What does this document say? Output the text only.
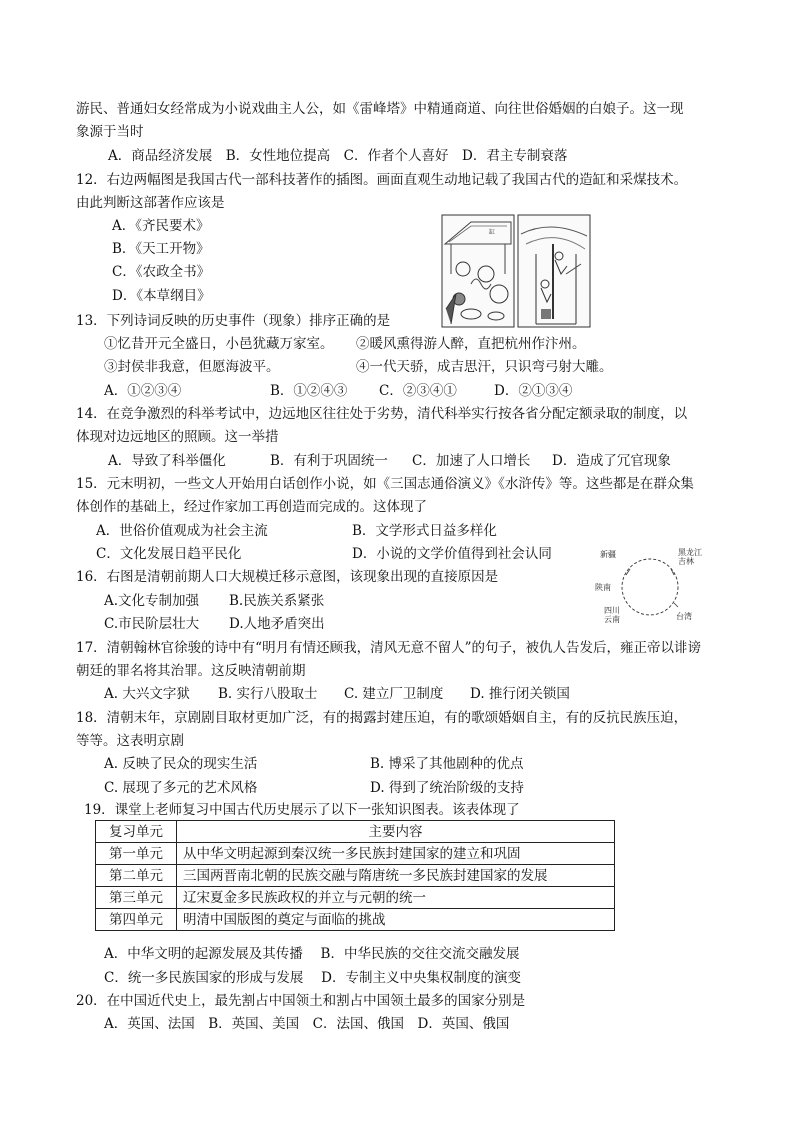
游民、普通妇女经常成为小说戏曲主人公，如《雷峰塔》中精通商道、向往世俗婚姻的白娘子。这一现
象源于当时
A．商品经济发展　B．女性地位提高　C．作者个人喜好　D．君主专制衰落
12．右边两幅图是我国古代一部科技著作的插图。画面直观生动地记载了我国古代的造缸和采煤技术。
由此判断这部著作应该是
A．《齐民要术》
B．《天工开物》
C．《农政全书》
D．《本草纲目》
缸
13．下列诗词反映的历史事件（现象）排序正确的是
①忆昔开元全盛日，小邑犹藏万家室。 ②暖风熏得游人醉，直把杭州作汴州。
③封侯非我意，但愿海波平。	④一代天骄，成吉思汗，只识弯弓射大雕。
A．①②③④	B．①②④③ C．②③④①	D．②①③④
14．在竞争激烈的科举考试中，边远地区往往处于劣势，清代科举实行按各省分配定额录取的制度，以
体现对边远地区的照顾。这一举措
A．导致了科举僵化	B．有利于巩固统一 C．加速了人口增长 D．造成了冗官现象
15．元末明初，一些文人开始用白话创作小说，如《三国志通俗演义》《水浒传》等。这些都是在群众集
体创作的基础上，经过作家加工再创造而完成的。这体现了
A．世俗价值观成为社会主流	B．文学形式日益多样化
C．文化发展日趋平民化	D．小说的文学价值得到社会认同
16．右图是清朝前期人口大规模迁移示意图，该现象出现的直接原因是
A.文化专制加强 B.民族关系紧张
C.市民阶层壮大 D.人地矛盾突出
新疆	黑龙江
吉林
陕南
四川
云南	台湾
17．清朝翰林官徐骏的诗中有“明月有情还顾我，清风无意不留人”的句子，被仇人告发后，雍正帝以诽谤
朝廷的罪名将其治罪。这反映清朝前期
A. 大兴文字狱 B. 实行八股取士 C. 建立厂卫制度 D. 推行闭关锁国
18．清朝末年，京剧剧目取材更加广泛，有的揭露封建压迫，有的歌颂婚姻自主，有的反抗民族压迫，
等等。这表明京剧
A. 反映了民众的现实生活	B. 博采了其他剧种的优点
C. 展现了多元的艺术风格	D. 得到了统治阶级的支持
19．课堂上老师复习中国古代历史展示了以下一张知识图表。该表体现了
复习单元	主要内容
第一单元	从中华文明起源到秦汉统一多民族封建国家的建立和巩固
第二单元	三国两晋南北朝的民族交融与隋唐统一多民族封建国家的发展
第三单元	辽宋夏金多民族政权的并立与元朝的统一
第四单元	明清中国版图的奠定与面临的挑战
A．中华文明的起源发展及其传播　 B．中华民族的交往交流交融发展
C．统一多民族国家的形成与发展　 D．专制主义中央集权制度的演变
20．在中国近代史上，最先割占中国领土和割占中国领土最多的国家分别是
A．英国、法国　B．英国、美国　C．法国、俄国　D．英国、俄国
